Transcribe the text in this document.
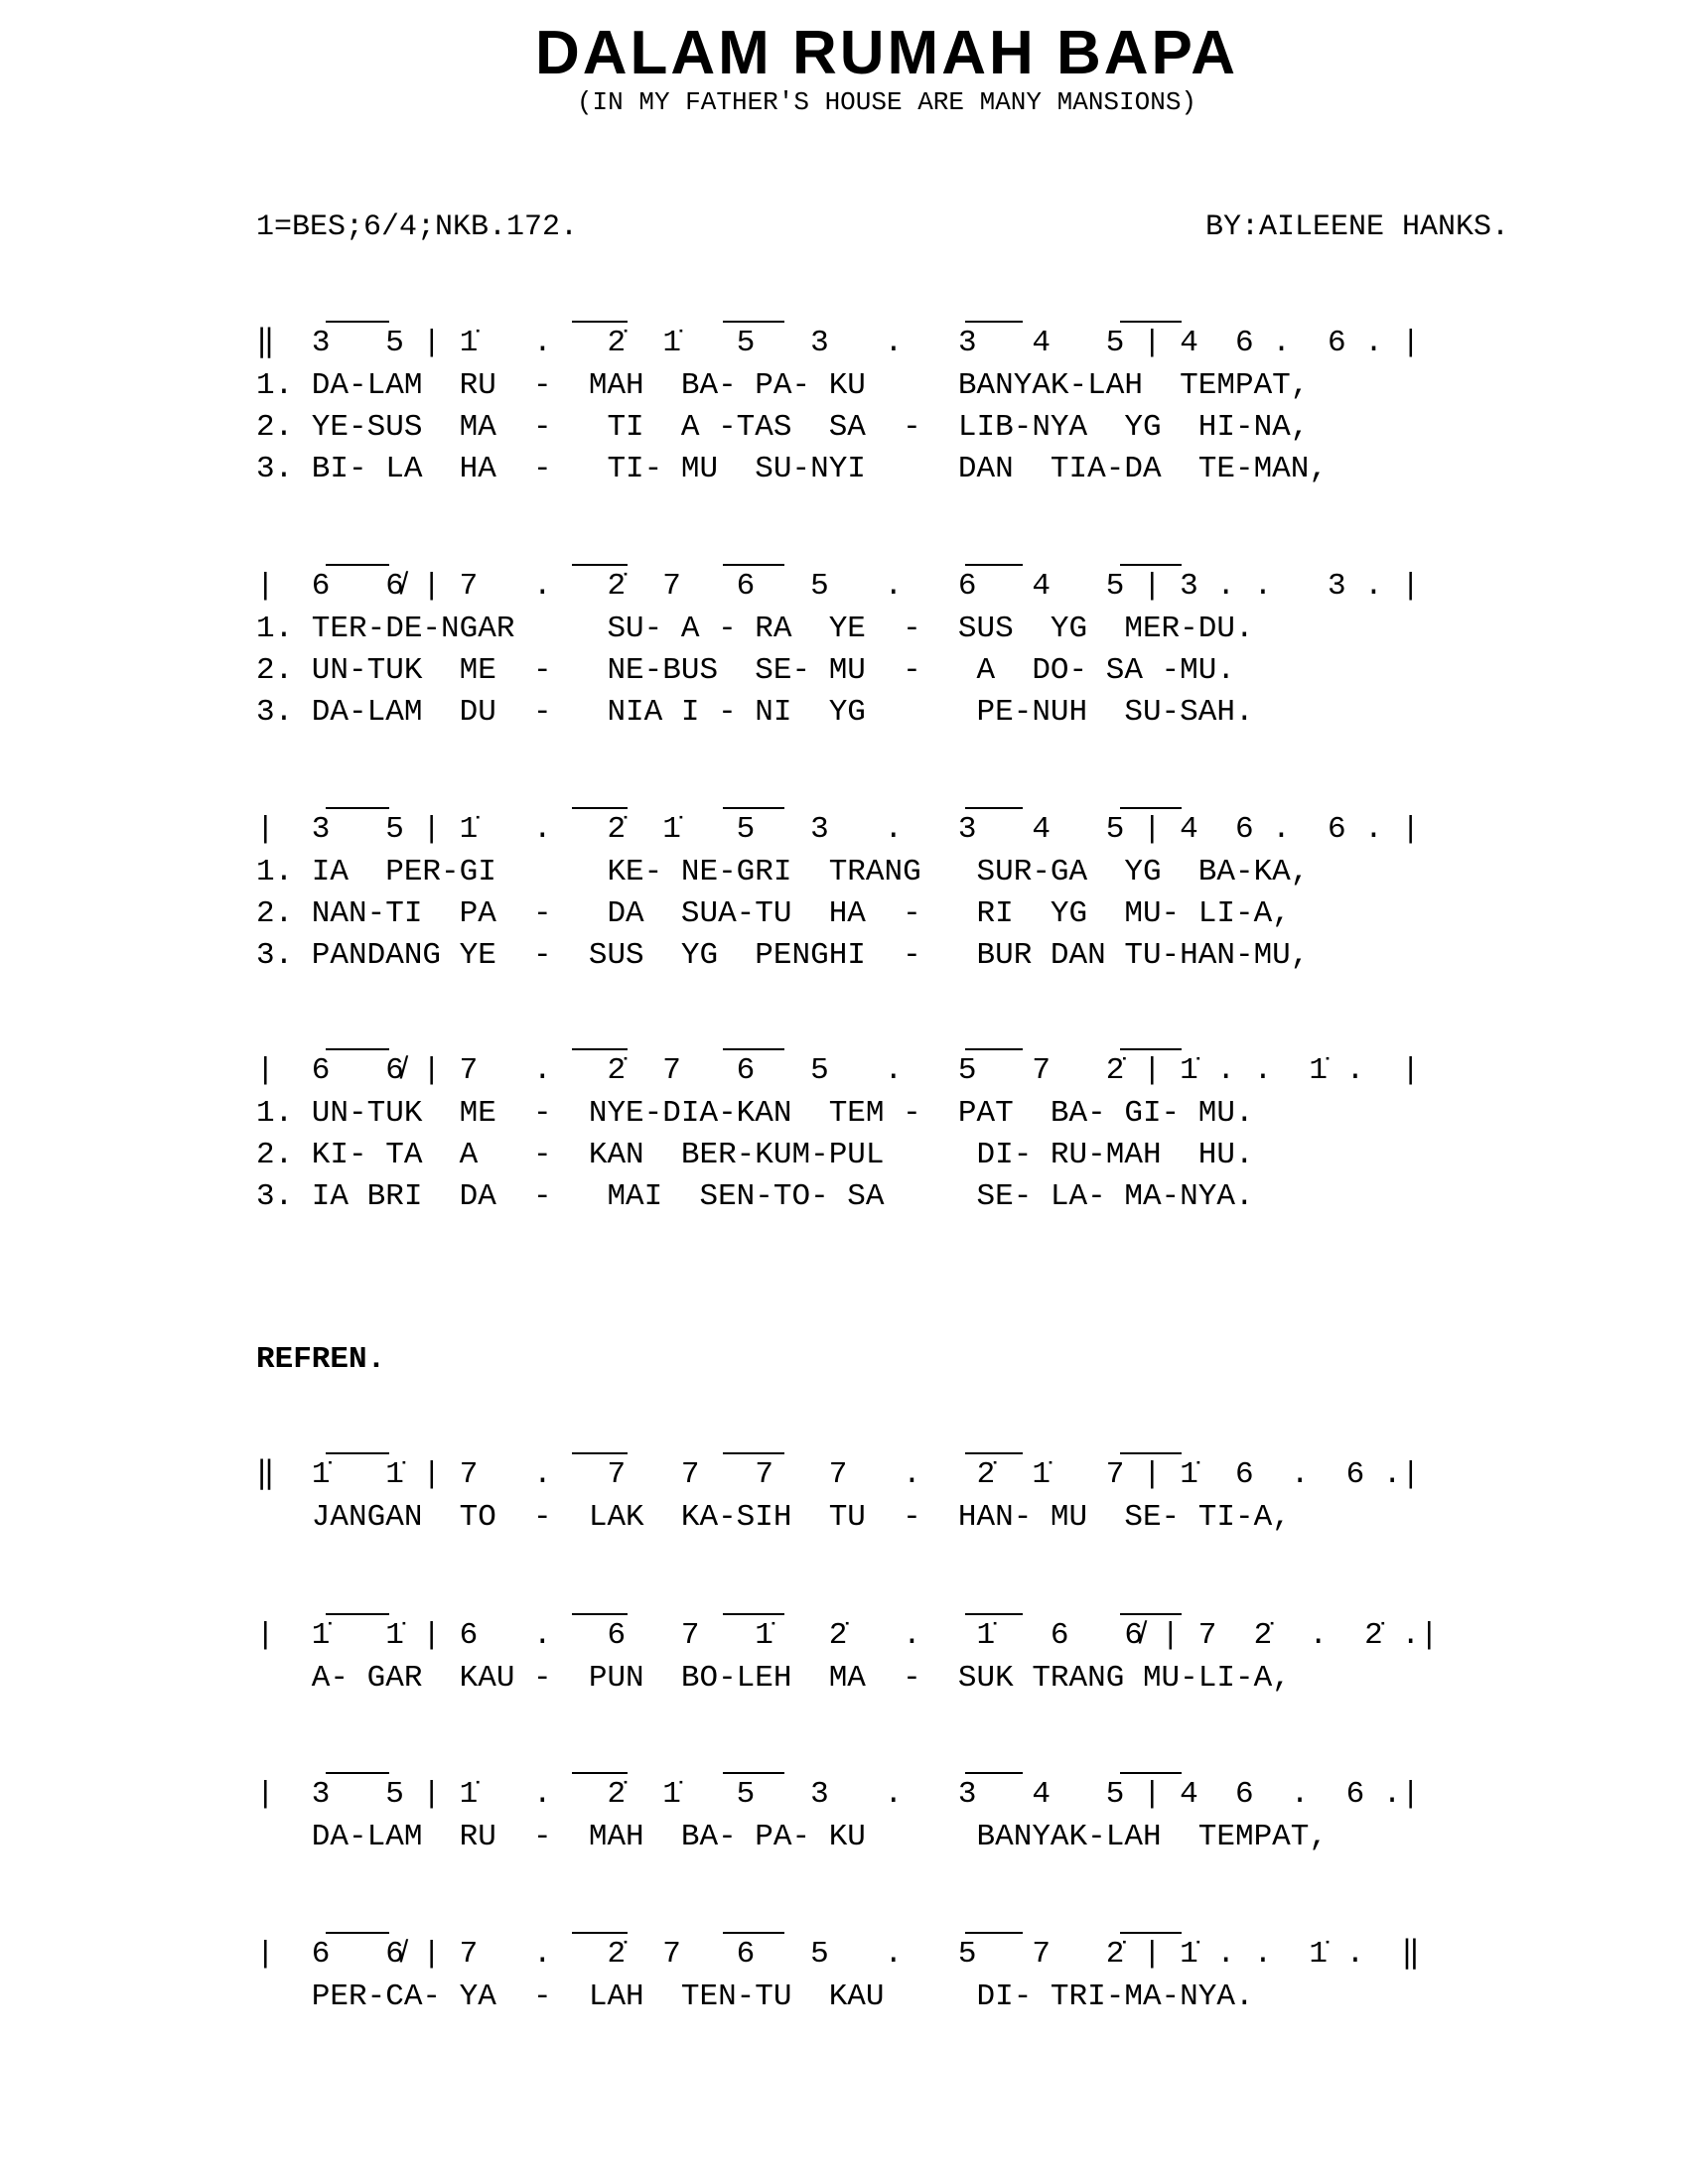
DALAM RUMAH BAPA
(IN MY FATHER'S HOUSE ARE MANY MANSIONS)
1=BES;6/4;NKB.172.	BY:AILEENE HANKS.
‖  3   5 | 1̇   .   2̇  1̇   5   3   .   3   4   5 | 4  6 .  6 . |
1. DA-LAM  RU  -  MAH  BA- PA- KU     BANYAK-LAH  TEMPAT,
2. YE-SUS  MA  -   TI  A -TAS  SA  -  LIB-NYA  YG  HI-NA,
3. BI- LA  HA  -   TI- MU  SU-NYI     DAN  TIA-DA  TE-MAN,
|  6   6̸ | 7   .   2̇  7   6   5   .   6   4   5 | 3 . .   3 . |
1. TER-DE-NGAR     SU- A - RA  YE  -  SUS  YG  MER-DU.
2. UN-TUK  ME  -   NE-BUS  SE- MU  -   A  DO- SA -MU.
3. DA-LAM  DU  -   NIA I - NI  YG      PE-NUH  SU-SAH.
|  3   5 | 1̇   .   2̇  1̇   5   3   .   3   4   5 | 4  6 .  6 . |
1. IA  PER-GI      KE- NE-GRI  TRANG   SUR-GA  YG  BA-KA,
2. NAN-TI  PA  -   DA  SUA-TU  HA  -   RI  YG  MU- LI-A,
3. PANDANG YE  -  SUS  YG  PENGHI  -   BUR DAN TU-HAN-MU,
|  6   6̸ | 7   .   2̇  7   6   5   .   5   7   2̇ | 1̇ . .  1̇ .  |
1. UN-TUK  ME  -  NYE-DIA-KAN  TEM -  PAT  BA- GI- MU.
2. KI- TA  A   -  KAN  BER-KUM-PUL     DI- RU-MAH  HU.
3. IA BRI  DA  -   MAI  SEN-TO- SA     SE- LA- MA-NYA.
REFREN.
‖  1̇   1̇ | 7   .   7   7   7   7   .   2̇  1̇   7 | 1̇  6  .  6 .|
JANGAN  TO  -  LAK  KA-SIH  TU  -  HAN- MU  SE- TI-A,
|  1̇   1̇ | 6   .   6   7   1̇   2̇   .   1̇   6   6̸ | 7  2̇  .  2̇ .|
A- GAR  KAU -  PUN  BO-LEH  MA  -  SUK TRANG MU-LI-A,
|  3   5 | 1̇   .   2̇  1̇   5   3   .   3   4   5 | 4  6  .  6 .|
DA-LAM  RU  -  MAH  BA- PA- KU      BANYAK-LAH  TEMPAT,
|  6   6̸ | 7   .   2̇  7   6   5   .   5   7   2̇ | 1̇ . .  1̇ .  ‖
PER-CA- YA  -  LAH  TEN-TU  KAU     DI- TRI-MA-NYA.
